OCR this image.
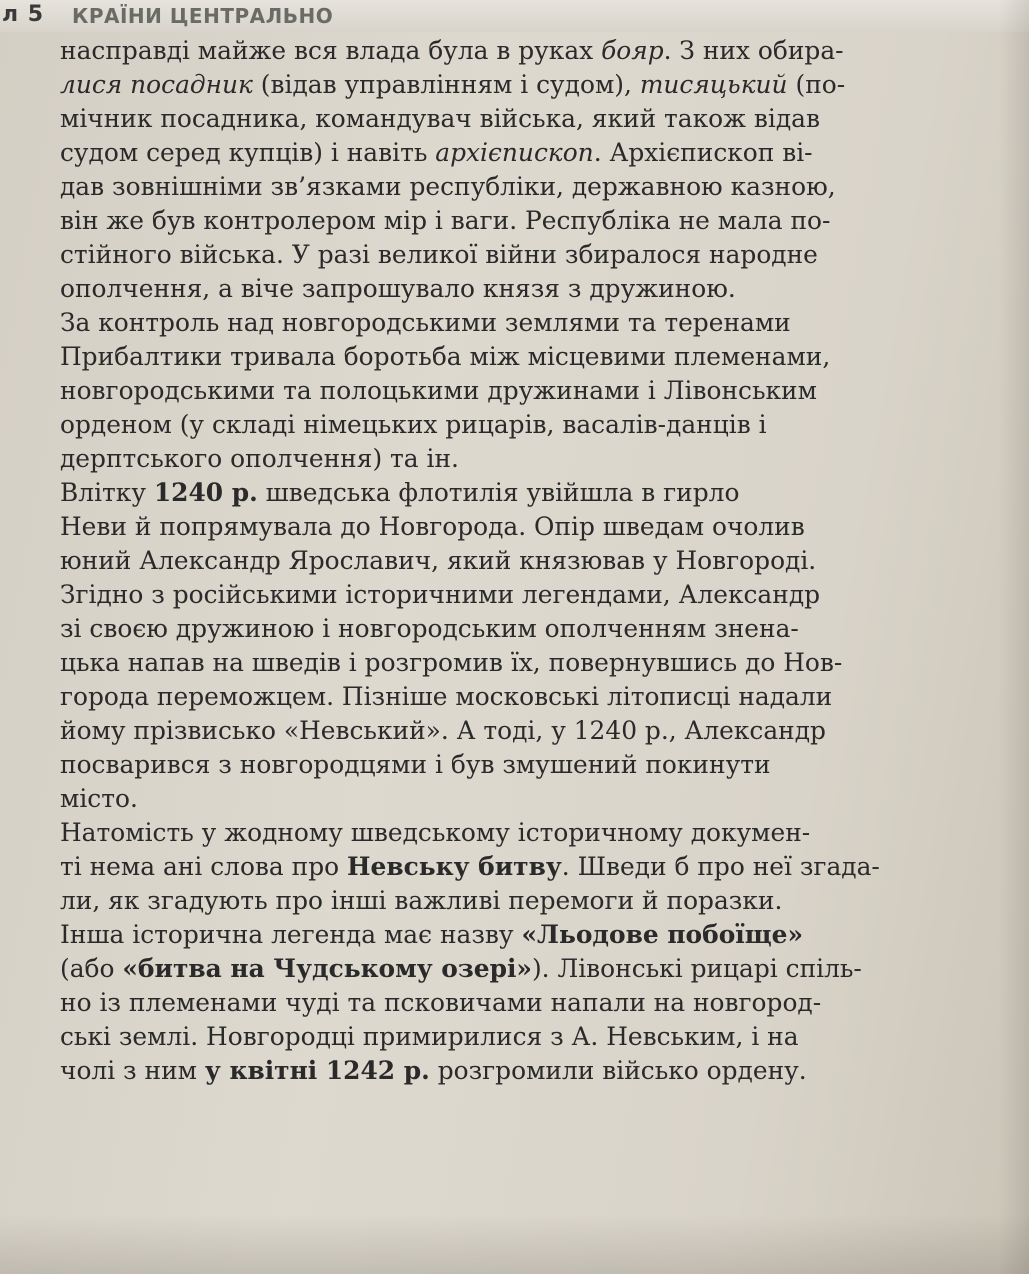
л 5 КРАЇНИ ЦЕНТРАЛЬНО
насправді майже вся влада була в руках бояр. З них обира-
лися посадник (відав управлінням і судом), тисяцький (по-
мічник посадника, командувач війська, який також відав
судом серед купців) і навіть архієпископ. Архієпископ ві-
дав зовнішніми зв’язками республіки, державною казною,
він же був контролером мір і ваги. Республіка не мала по-
стійного війська. У разі великої війни збиралося народне
ополчення, а віче запрошувало князя з дружиною.
За контроль над новгородськими землями та теренами
Прибалтики тривала боротьба між місцевими племенами,
новгородськими та полоцькими дружинами і Лівонським
орденом (у складі німецьких рицарів, васалів-данців і
дерптського ополчення) та ін.
Влітку 1240 р. шведська флотилія увійшла в гирло
Неви й попрямувала до Новгорода. Опір шведам очолив
юний Александр Ярославич, який князював у Новгороді.
Згідно з російськими історичними легендами, Александр
зі своєю дружиною і новгородським ополченням знена-
цька напав на шведів і розгромив їх, повернувшись до Нов-
города переможцем. Пізніше московські літописці надали
йому прізвисько «Невський». А тоді, у 1240 р., Александр
посварився з новгородцями і був змушений покинути
місто.
Натомість у жодному шведському історичному докумен-
ті нема ані слова про Невську битву. Шведи б про неї згада-
ли, як згадують про інші важливі перемоги й поразки.
Інша історична легенда має назву «Льодове побоїще»
(або «битва на Чудському озері»). Лівонські рицарі спіль-
но із племенами чуді та псковичами напали на новгород-
ські землі. Новгородці примирилися з А. Невським, і на
чолі з ним у квітні 1242 р. розгромили військо ордену.
